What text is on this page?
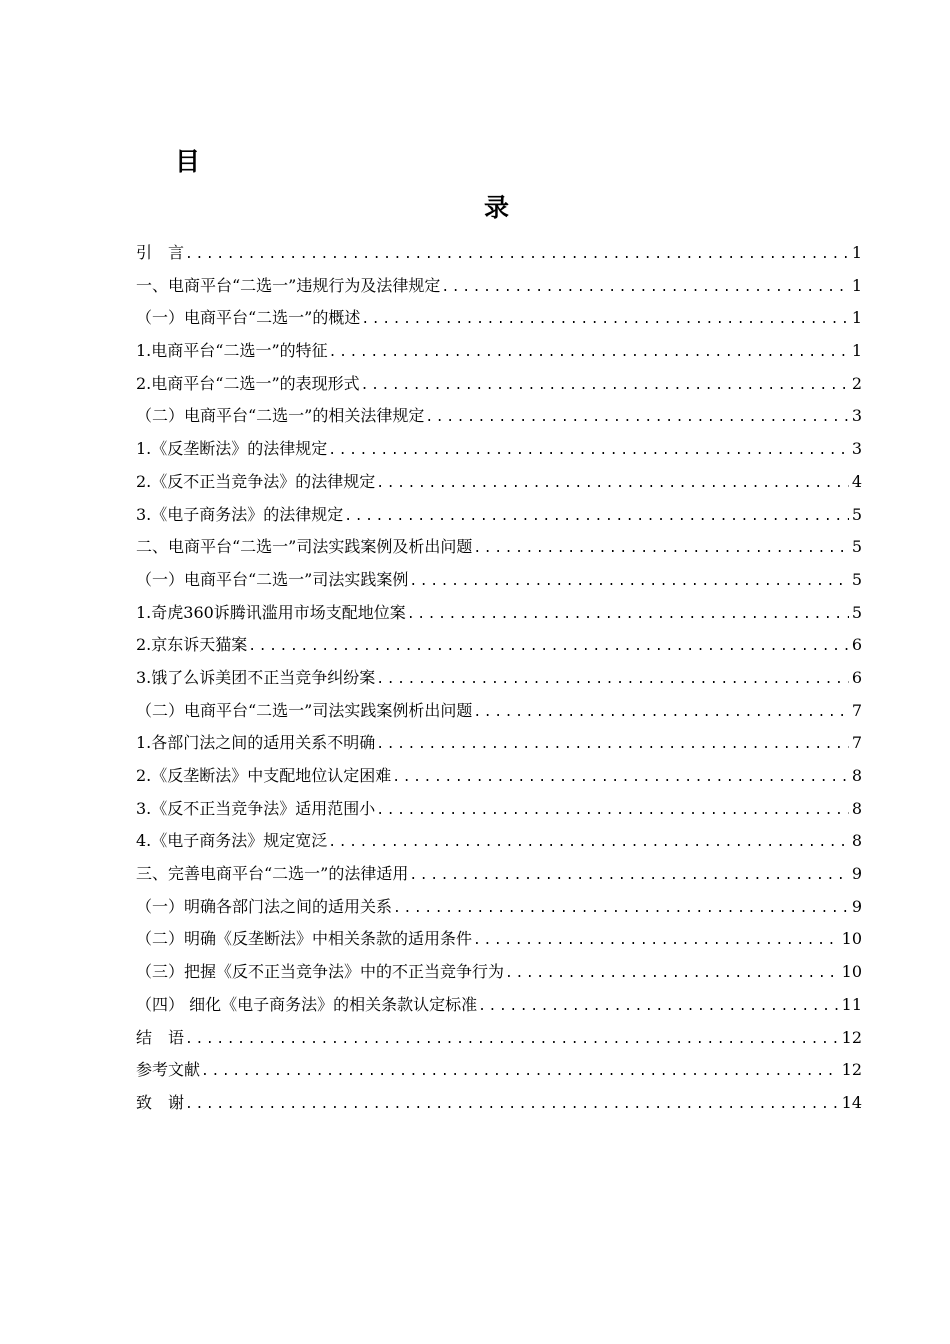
目
录
引　言 .....	1
一、电商平台“二选一”违规行为及法律规定 .....	1
（一）电商平台“二选一”的概述 .....	1
1.电商平台“二选一”的特征 .....	1
2.电商平台“二选一”的表现形式 .....	2
（二）电商平台“二选一”的相关法律规定 .....	3
1.《反垄断法》的法律规定 .....	3
2.《反不正当竞争法》的法律规定 .....	4
3.《电子商务法》的法律规定 .....	5
二、电商平台“二选一”司法实践案例及析出问题 .....	5
（一）电商平台“二选一”司法实践案例 .....	5
1.奇虎360诉腾讯滥用市场支配地位案 .....	5
2.京东诉天猫案 .....	6
3.饿了么诉美团不正当竞争纠纷案 .....	6
（二）电商平台“二选一”司法实践案例析出问题 .....	7
1.各部门法之间的适用关系不明确 .....	7
2.《反垄断法》中支配地位认定困难 .....	8
3.《反不正当竞争法》适用范围小 .....	8
4.《电子商务法》规定宽泛 .....	8
三、完善电商平台“二选一”的法律适用 .....	9
（一）明确各部门法之间的适用关系 .....	9
（二）明确《反垄断法》中相关条款的适用条件 .....	10
（三）把握《反不正当竞争法》中的不正当竞争行为 .....	10
（四） 细化《电子商务法》的相关条款认定标准 .....	11
结　语 .....	12
参考文献 .....	12
致　谢 .....	14
